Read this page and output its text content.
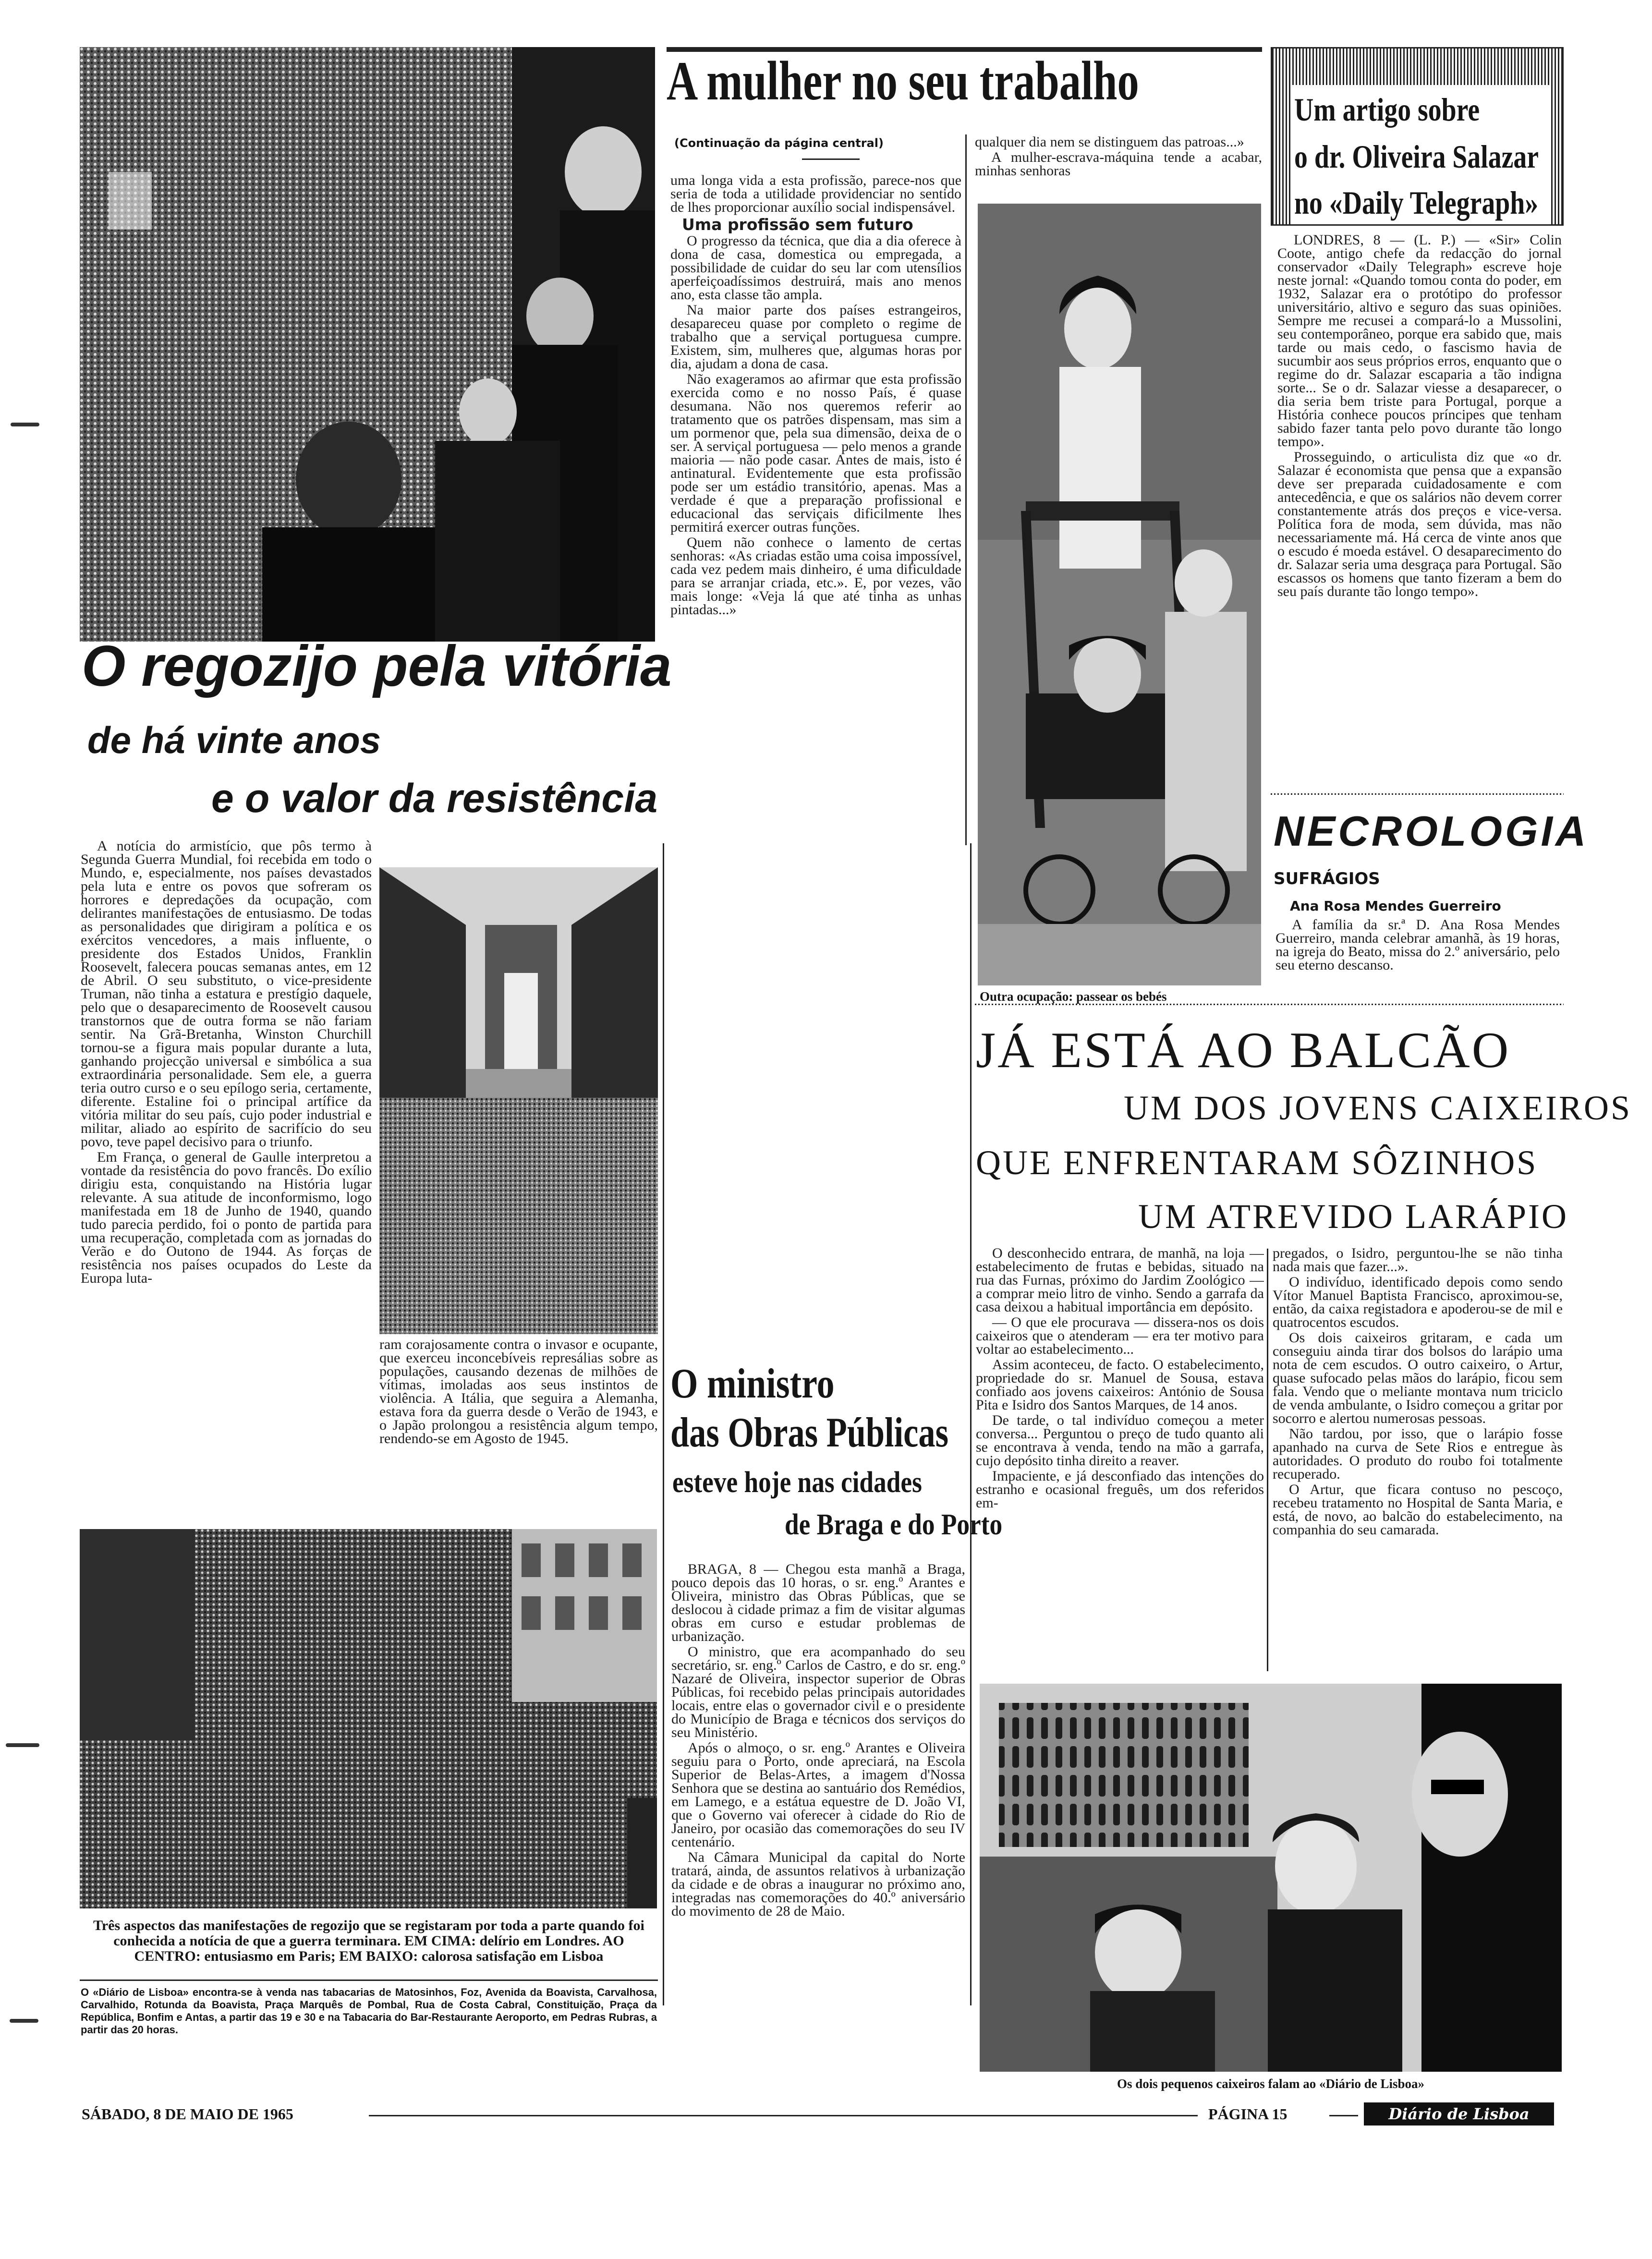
O regozijo pela vitória
de há vinte anos
e o valor da resistência

A notícia do armistício, que pôs termo à Segunda Guerra Mundial, foi recebida em todo o Mundo, e, especialmente, nos países devastados pela luta e entre os povos que sofreram os horrores e depredações da ocupação, com delirantes manifestações de entusiasmo. De todas as personalidades que dirigiram a política e os exércitos vencedores, a mais influente, o presidente dos Estados Unidos, Franklin Roosevelt, falecera poucas semanas antes, em 12 de Abril. O seu substituto, o vice-presidente Truman, não tinha a estatura e prestígio daquele, pelo que o desaparecimento de Roosevelt causou transtornos que de outra forma se não fariam sentir. Na Grã-Bretanha, Winston Churchill tornou-se a figura mais popular durante a luta, ganhando projecção universal e simbólica a sua extraordinária personalidade. Sem ele, a guerra teria outro curso e o seu epílogo seria, certamente, diferente. Estaline foi o principal artífice da vitória militar do seu país, cujo poder industrial e militar, aliado ao espírito de sacrifício do seu povo, teve papel decisivo para o triunfo.

Em França, o general de Gaulle interpretou a vontade da resistência do povo francês. Do exílio dirigiu esta, conquistando na História lugar relevante. A sua atitude de inconformismo, logo manifestada em 18 de Junho de 1940, quando tudo parecia perdido, foi o ponto de partida para uma recuperação, completada com as jornadas do Verão e do Outono de 1944. As forças de resistência nos países ocupados do Leste da Europa luta-

ram corajosamente contra o invasor e ocupante, que exerceu inconcebíveis represálias sobre as populações, causando dezenas de milhões de vítimas, imoladas aos seus instintos de violência. A Itália, que seguira a Alemanha, estava fora da guerra desde o Verão de 1943, e o Japão prolongou a resistência algum tempo, rendendo-se em Agosto de 1945.

Três aspectos das manifestações de regozijo que se registaram por toda a parte quando foi conhecida a notícia de que a guerra terminara. EM CIMA: delírio em Londres. AO CENTRO: entusiasmo em Paris; EM BAIXO: calorosa satisfação em Lisboa
O «Diário de Lisboa» encontra-se à venda nas tabacarias de Matosinhos, Foz, Avenida da Boavista, Carvalhosa, Carvalhido, Rotunda da Boavista, Praça Marquês de Pombal, Rua de Costa Cabral, Constituição, Praça da República, Bonfim e Antas, a partir das 19 e 30 e na Tabacaria do Bar-Restaurante Aeroporto, em Pedras Rubras, a partir das 20 horas.
A mulher no seu trabalho
(Continuação da página central)

uma longa vida a esta profissão, parece-nos que seria de toda a utilidade providenciar no sentido de lhes proporcionar auxílio social indispensável.

Uma profissão sem futuro

O progresso da técnica, que dia a dia oferece à dona de casa, domestica ou empregada, a possibilidade de cuidar do seu lar com utensílios aperfeiçoadíssimos destruirá, mais ano menos ano, esta classe tão ampla.

Na maior parte dos países estrangeiros, desapareceu quase por completo o regime de trabalho que a serviçal portuguesa cumpre. Existem, sim, mulheres que, algumas horas por dia, ajudam a dona de casa.

Não exageramos ao afirmar que esta profissão exercida como e no nosso País, é quase desumana. Não nos queremos referir ao tratamento que os patrões dispensam, mas sim a um pormenor que, pela sua dimensão, deixa de o ser. A serviçal portuguesa — pelo menos a grande maioria — não pode casar. Antes de mais, isto é antinatural. Evidentemente que esta profissão pode ser um estádio transitório, apenas. Mas a verdade é que a preparação profissional e educacional das serviçais dificilmente lhes permitirá exercer outras funções.

Quem não conhece o lamento de certas senhoras: «As criadas estão uma coisa impossível, cada vez pedem mais dinheiro, é uma dificuldade para se arranjar criada, etc.». E, por vezes, vão mais longe: «Veja lá que até tinha as unhas pintadas...»

qualquer dia nem se distinguem das patroas...»

A mulher-escrava-máquina tende a acabar, minhas senhoras

Outra ocupação: passear os bebés
Um artigo sobre
o dr. Oliveira Salazar
no «Daily Telegraph»

LONDRES, 8 — (L. P.) — «Sir» Colin Coote, antigo chefe da redacção do jornal conservador «Daily Telegraph» escreve hoje neste jornal: «Quando tomou conta do poder, em 1932, Salazar era o protótipo do professor universitário, altivo e seguro das suas opiniões. Sempre me recusei a compará-lo a Mussolini, seu contemporâneo, porque era sabido que, mais tarde ou mais cedo, o fascismo havia de sucumbir aos seus próprios erros, enquanto que o regime do dr. Salazar escaparia a tão indigna sorte... Se o dr. Salazar viesse a desaparecer, o dia seria bem triste para Portugal, porque a História conhece poucos príncipes que tenham sabido fazer tanta pelo povo durante tão longo tempo».

Prosseguindo, o articulista diz que «o dr. Salazar é economista que pensa que a expansão deve ser preparada cuidadosamente e com antecedência, e que os salários não devem correr constantemente atrás dos preços e vice-versa. Política fora de moda, sem dúvida, mas não necessariamente má. Há cerca de vinte anos que o escudo é moeda estável. O desaparecimento do dr. Salazar seria uma desgraça para Portugal. São escassos os homens que tanto fizeram a bem do seu país durante tão longo tempo».

NECROLOGIA
SUFRÁGIOS
Ana Rosa Mendes Guerreiro

A família da sr.ª D. Ana Rosa Mendes Guerreiro, manda celebrar amanhã, às 19 horas, na igreja do Beato, missa do 2.º aniversário, pelo seu eterno descanso.

JÁ ESTÁ AO BALCÃO
UM DOS JOVENS CAIXEIROS
QUE ENFRENTARAM SÔZINHOS
UM ATREVIDO LARÁPIO

O desconhecido entrara, de manhã, na loja — estabelecimento de frutas e bebidas, situado na rua das Furnas, próximo do Jardim Zoológico — a comprar meio litro de vinho. Sendo a garrafa da casa deixou a habitual importância em depósito.

— O que ele procurava — dissera-nos os dois caixeiros que o atenderam — era ter motivo para voltar ao estabelecimento...

Assim aconteceu, de facto. O estabelecimento, propriedade do sr. Manuel de Sousa, estava confiado aos jovens caixeiros: António de Sousa Pita e Isidro dos Santos Marques, de 14 anos.

De tarde, o tal indivíduo começou a meter conversa... Perguntou o preço de tudo quanto ali se encontrava à venda, tendo na mão a garrafa, cujo depósito tinha direito a reaver.

Impaciente, e já desconfiado das intenções do estranho e ocasional freguês, um dos referidos em-

pregados, o Isidro, perguntou-lhe se não tinha nada mais que fazer...».

O indivíduo, identificado depois como sendo Vítor Manuel Baptista Francisco, aproximou-se, então, da caixa registadora e apoderou-se de mil e quatrocentos escudos.

Os dois caixeiros gritaram, e cada um conseguiu ainda tirar dos bolsos do larápio uma nota de cem escudos. O outro caixeiro, o Artur, quase sufocado pelas mãos do larápio, ficou sem fala. Vendo que o meliante montava num triciclo de venda ambulante, o Isidro começou a gritar por socorro e alertou numerosas pessoas.

Não tardou, por isso, que o larápio fosse apanhado na curva de Sete Rios e entregue às autoridades. O produto do roubo foi totalmente recuperado.

O Artur, que ficara contuso no pescoço, recebeu tratamento no Hospital de Santa Maria, e está, de novo, ao balcão do estabelecimento, na companhia do seu camarada.

Os dois pequenos caixeiros falam ao «Diário de Lisboa»
O ministro
das Obras Públicas
esteve hoje nas cidades
de Braga e do Porto

BRAGA, 8 — Chegou esta manhã a Braga, pouco depois das 10 horas, o sr. eng.º Arantes e Oliveira, ministro das Obras Públicas, que se deslocou à cidade primaz a fim de visitar algumas obras em curso e estudar problemas de urbanização.

O ministro, que era acompanhado do seu secretário, sr. eng.º Carlos de Castro, e do sr. eng.º Nazaré de Oliveira, inspector superior de Obras Públicas, foi recebido pelas principais autoridades locais, entre elas o governador civil e o presidente do Município de Braga e técnicos dos serviços do seu Ministério.

Após o almoço, o sr. eng.º Arantes e Oliveira seguiu para o Porto, onde apreciará, na Escola Superior de Belas-Artes, a imagem d'Nossa Senhora que se destina ao santuário dos Remédios, em Lamego, e a estátua equestre de D. João VI, que o Governo vai oferecer à cidade do Rio de Janeiro, por ocasião das comemorações do seu IV centenário.

Na Câmara Municipal da capital do Norte tratará, ainda, de assuntos relativos à urbanização da cidade e de obras a inaugurar no próximo ano, integradas nas comemorações do 40.º aniversário do movimento de 28 de Maio.

SÁBADO, 8 DE MAIO DE 1965	PÁGINA 15	Diário de Lisboa
